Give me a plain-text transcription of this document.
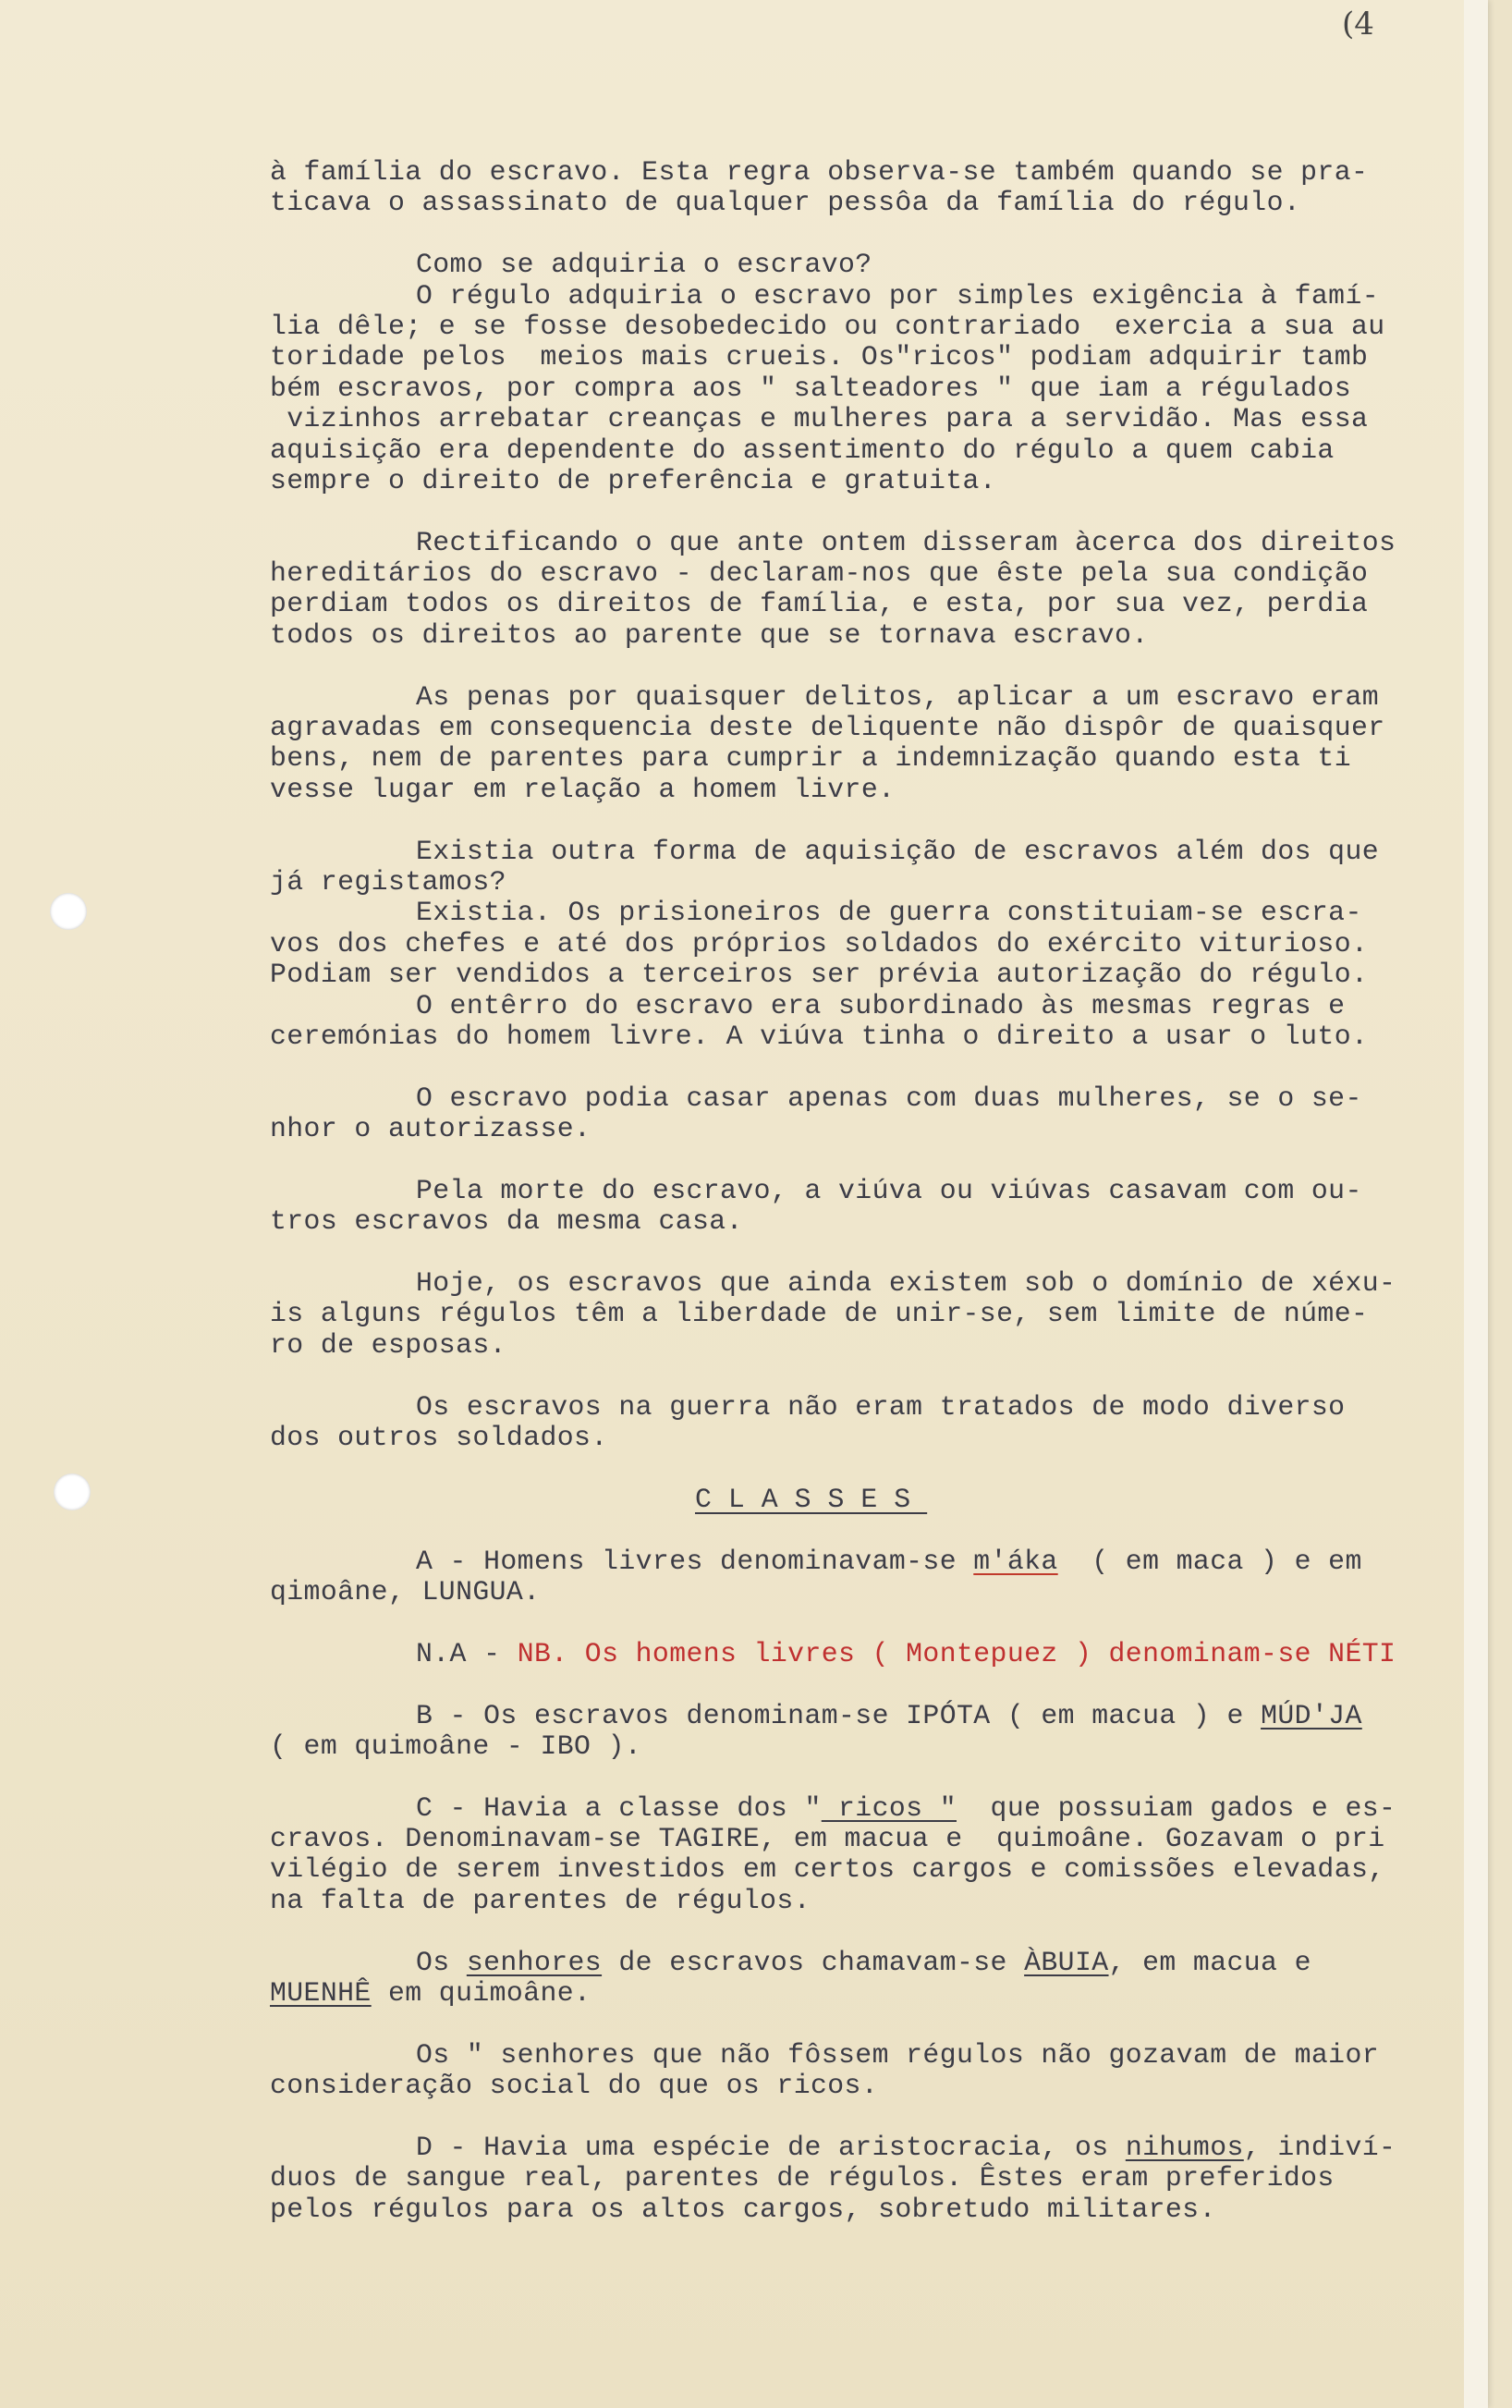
(4
à família do escravo. Esta regra observa-se também quando se pra-
ticava o assassinato de qualquer pessôa da família do régulo.
Como se adquiria o escravo?
O régulo adquiria o escravo por simples exigência à famí-
lia dêle; e se fosse desobedecido ou contrariado  exercia a sua au
toridade pelos  meios mais crueis. Os"ricos" podiam adquirir tamb
bém escravos, por compra aos " salteadores " que iam a régulados
vizinhos arrebatar creanças e mulheres para a servidão. Mas essa
aquisição era dependente do assentimento do régulo a quem cabia
sempre o direito de preferência e gratuita.
Rectificando o que ante ontem disseram àcerca dos direitos
hereditários do escravo - declaram-nos que êste pela sua condição
perdiam todos os direitos de família, e esta, por sua vez, perdia
todos os direitos ao parente que se tornava escravo.
As penas por quaisquer delitos, aplicar a um escravo eram
agravadas em consequencia deste deliquente não dispôr de quaisquer
bens, nem de parentes para cumprir a indemnização quando esta ti
vesse lugar em relação a homem livre.
Existia outra forma de aquisição de escravos além dos que
já registamos?
Existia. Os prisioneiros de guerra constituiam-se escra-
vos dos chefes e até dos próprios soldados do exército viturioso.
Podiam ser vendidos a terceiros ser prévia autorização do régulo.
O entêrro do escravo era subordinado às mesmas regras e
ceremónias do homem livre. A viúva tinha o direito a usar o luto.
O escravo podia casar apenas com duas mulheres, se o se-
nhor o autorizasse.
Pela morte do escravo, a viúva ou viúvas casavam com ou-
tros escravos da mesma casa.
Hoje, os escravos que ainda existem sob o domínio de xéxu-
is alguns régulos têm a liberdade de unir-se, sem limite de núme-
ro de esposas.
Os escravos na guerra não eram tratados de modo diverso
dos outros soldados.
CLASSES
A - Homens livres denominavam-se m'áka  ( em maca ) e em
qimoâne, LUNGUA.
N.A - NB. Os homens livres ( Montepuez ) denominam-se NÉTI
B - Os escravos denominam-se IPÓTA ( em macua ) e MÚD'JA
( em quimoâne - IBO ).
C - Havia a classe dos " ricos "  que possuiam gados e es-
cravos. Denominavam-se TAGIRE, em macua e  quimoâne. Gozavam o pri
vilégio de serem investidos em certos cargos e comissões elevadas,
na falta de parentes de régulos.
Os senhores de escravos chamavam-se ÀBUIA, em macua e
MUENHÊ em quimoâne.
Os " senhores que não fôssem régulos não gozavam de maior
consideração social do que os ricos.
D - Havia uma espécie de aristocracia, os nihumos, indiví-
duos de sangue real, parentes de régulos. Êstes eram preferidos
pelos régulos para os altos cargos, sobretudo militares.
